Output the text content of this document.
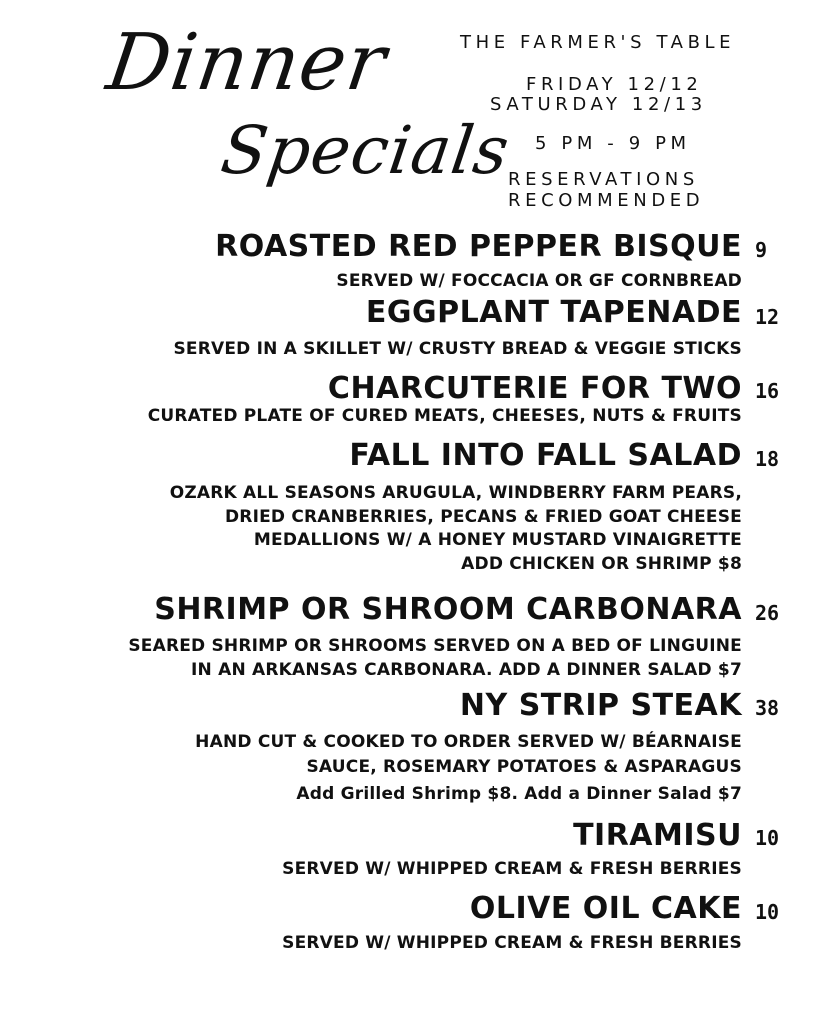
Dinner
Specials
THE FARMER'S TABLE
FRIDAY 12/12
SATURDAY 12/13
5 PM - 9 PM
RESERVATIONS
RECOMMENDED
ROASTED RED PEPPER BISQUE 9
SERVED W/ FOCCACIA OR GF CORNBREAD
EGGPLANT TAPENADE 12
SERVED IN A SKILLET W/ CRUSTY BREAD & VEGGIE STICKS
CHARCUTERIE FOR TWO 16
CURATED PLATE OF CURED MEATS, CHEESES, NUTS & FRUITS
FALL INTO FALL SALAD 18
OZARK ALL SEASONS ARUGULA, WINDBERRY FARM PEARS,
DRIED CRANBERRIES, PECANS & FRIED GOAT CHEESE
MEDALLIONS W/ A HONEY MUSTARD VINAIGRETTE
ADD CHICKEN OR SHRIMP $8
SHRIMP OR SHROOM CARBONARA 26
SEARED SHRIMP OR SHROOMS SERVED ON A BED OF LINGUINE
IN AN ARKANSAS CARBONARA. ADD A DINNER SALAD $7
NY STRIP STEAK 38
HAND CUT & COOKED TO ORDER SERVED W/ BÉARNAISE
SAUCE, ROSEMARY POTATOES & ASPARAGUS
Add Grilled Shrimp $8. Add a Dinner Salad $7
TIRAMISU 10
SERVED W/ WHIPPED CREAM & FRESH BERRIES
OLIVE OIL CAKE 10
SERVED W/ WHIPPED CREAM & FRESH BERRIES
